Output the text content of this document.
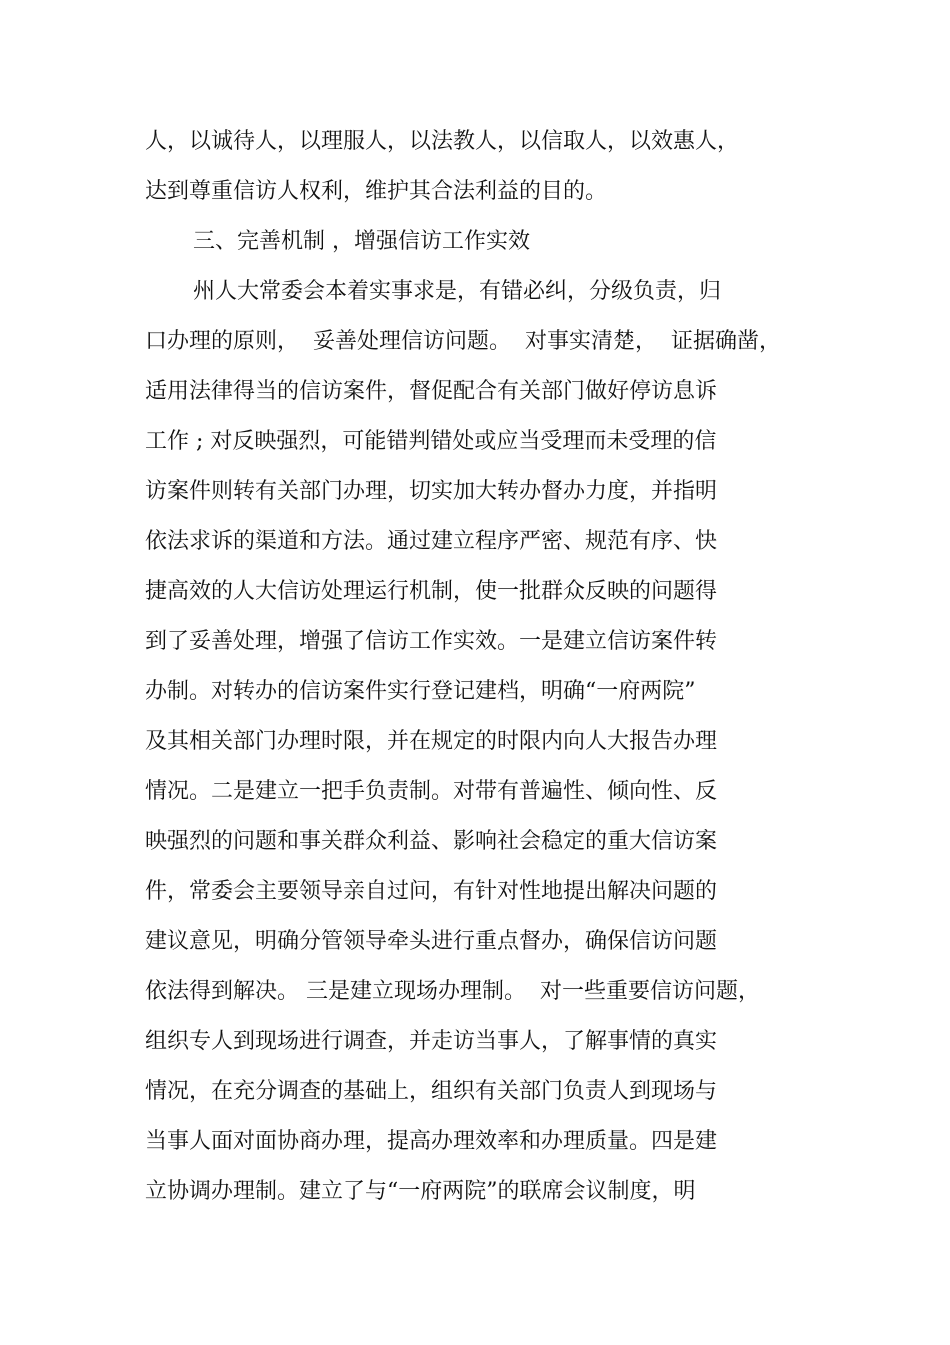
人，以诚待人，以理服人，以法教人，以信取人，以效惠人，
达到尊重信访人权利，维护其合法利益的目的。
三、完善机制 ，增强信访工作实效
州人大常委会本着实事求是，有错必纠，分级负责，归
口办理的原则，  妥善处理信访问题。  对事实清楚，  证据确凿，
适用法律得当的信访案件，督促配合有关部门做好停访息诉
工作 ; 对反映强烈，可能错判错处或应当受理而未受理的信
访案件则转有关部门办理，切实加大转办督办力度，并指明
依法求诉的渠道和方法。通过建立程序严密、规范有序、快
捷高效的人大信访处理运行机制，使一批群众反映的问题得
到了妥善处理，增强了信访工作实效。一是建立信访案件转
办制。对转办的信访案件实行登记建档，明确“一府两院”
及其相关部门办理时限，并在规定的时限内向人大报告办理
情况。二是建立一把手负责制。对带有普遍性、倾向性、反
映强烈的问题和事关群众利益、影响社会稳定的重大信访案
件，常委会主要领导亲自过问，有针对性地提出解决问题的
建议意见，明确分管领导牵头进行重点督办，确保信访问题
依法得到解决。 三是建立现场办理制。  对一些重要信访问题，
组织专人到现场进行调查，并走访当事人，了解事情的真实
情况，在充分调查的基础上，组织有关部门负责人到现场与
当事人面对面协商办理，提高办理效率和办理质量。四是建
立协调办理制。建立了与“一府两院”的联席会议制度，明
